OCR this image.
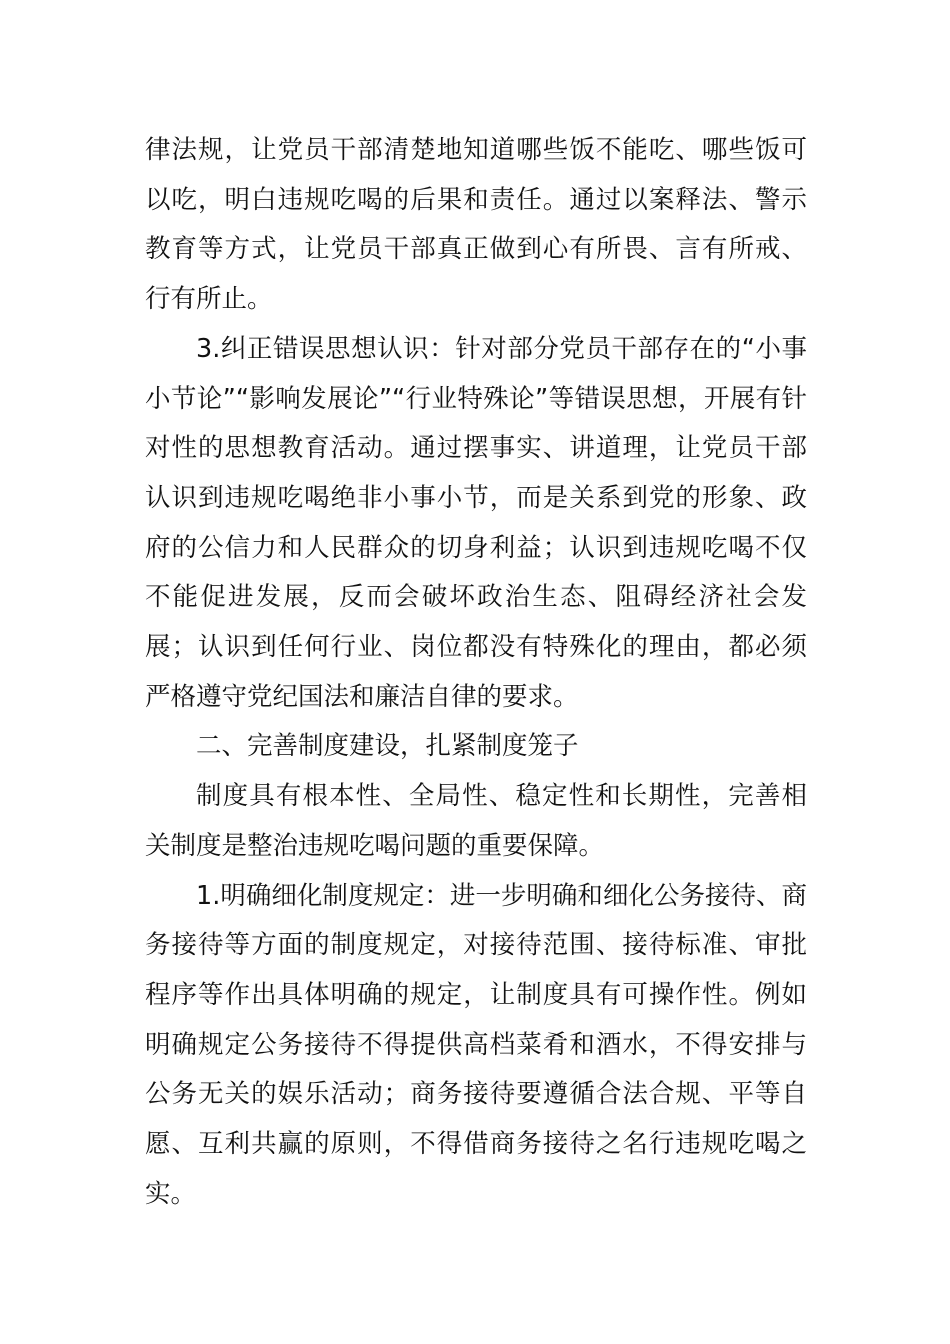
律法规，让党员干部清楚地知道哪些饭不能吃、哪些饭可以吃，明白违规吃喝的后果和责任。通过以案释法、警示教育等方式，让党员干部真正做到心有所畏、言有所戒、行有所止。

3.纠正错误思想认识：针对部分党员干部存在的“小事小节论”“影响发展论”“行业特殊论”等错误思想，开展有针对性的思想教育活动。通过摆事实、讲道理，让党员干部认识到违规吃喝绝非小事小节，而是关系到党的形象、政府的公信力和人民群众的切身利益；认识到违规吃喝不仅不能促进发展，反而会破坏政治生态、阻碍经济社会发展；认识到任何行业、岗位都没有特殊化的理由，都必须严格遵守党纪国法和廉洁自律的要求。

二、完善制度建设，扎紧制度笼子

制度具有根本性、全局性、稳定性和长期性，完善相关制度是整治违规吃喝问题的重要保障。

1.明确细化制度规定：进一步明确和细化公务接待、商务接待等方面的制度规定，对接待范围、接待标准、审批程序等作出具体明确的规定，让制度具有可操作性。例如明确规定公务接待不得提供高档菜肴和酒水，不得安排与公务无关的娱乐活动；商务接待要遵循合法合规、平等自愿、互利共赢的原则，不得借商务接待之名行违规吃喝之实。
